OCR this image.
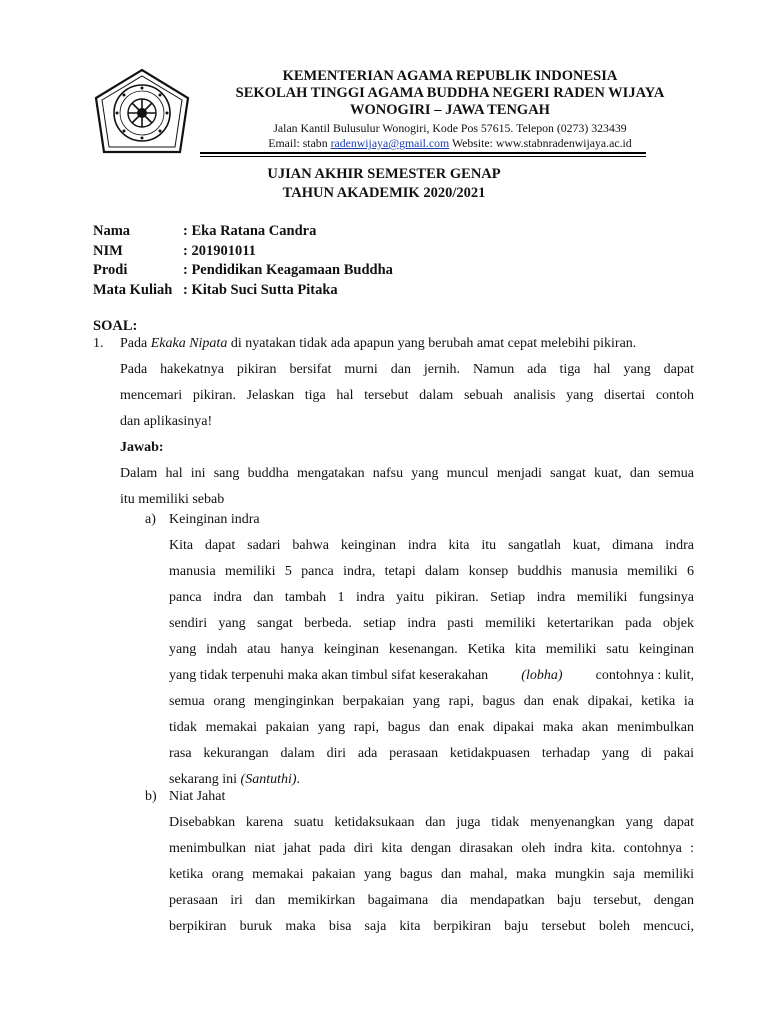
KEMENTERIAN AGAMA REPUBLIK INDONESIA
SEKOLAH TINGGI AGAMA BUDDHA NEGERI RADEN WIJAYA
WONOGIRI – JAWA TENGAH
Jalan Kantil Bulusulur Wonogiri, Kode Pos 57615. Telepon (0273) 323439
Email: stabn radenwijaya@gmail.com Website: www.stabnradenwijaya.ac.id
UJIAN AKHIR SEMESTER GENAP
TAHUN AKADEMIK 2020/2021
Nama	: Eka Ratana Candra
NIM	: 201901011
Prodi	: Pendidikan Keagamaan Buddha
Mata Kuliah : Kitab Suci Sutta Pitaka
SOAL:
1. Pada Ekaka Nipata di nyatakan tidak ada apapun yang berubah amat cepat melebihi pikiran.
Pada hakekatnya pikiran bersifat murni dan jernih. Namun ada tiga hal yang dapat
mencemari pikiran. Jelaskan tiga hal tersebut dalam sebuah analisis yang disertai contoh
dan aplikasinya!
Jawab:
Dalam hal ini sang buddha mengatakan nafsu yang muncul menjadi sangat kuat, dan semua
itu memiliki sebab
a) Keinginan indra
Kita dapat sadari bahwa keinginan indra kita itu sangatlah kuat, dimana indra
manusia memiliki 5 panca indra, tetapi dalam konsep buddhis manusia memiliki 6
panca indra dan tambah 1 indra yaitu pikiran. Setiap indra memiliki fungsinya
sendiri yang sangat berbeda. setiap indra pasti memiliki ketertarikan pada objek
yang indah atau hanya keinginan kesenangan. Ketika kita memiliki satu keinginan
yang tidak terpenuhi maka akan timbul sifat keserakahan (lobha) contohnya : kulit,
semua orang menginginkan berpakaian yang rapi, bagus dan enak dipakai, ketika ia
tidak memakai pakaian yang rapi, bagus dan enak dipakai maka akan menimbulkan
rasa kekurangan dalam diri ada perasaan ketidakpuasen terhadap yang di pakai
sekarang ini (Santuthi).
b) Niat Jahat
Disebabkan karena suatu ketidaksukaan dan juga tidak menyenangkan yang dapat
menimbulkan niat jahat pada diri kita dengan dirasakan oleh indra kita. contohnya :
ketika orang memakai pakaian yang bagus dan mahal, maka mungkin saja memiliki
perasaan iri dan memikirkan bagaimana dia mendapatkan baju tersebut, dengan
berpikiran buruk maka bisa saja kita berpikiran baju tersebut boleh mencuci,
